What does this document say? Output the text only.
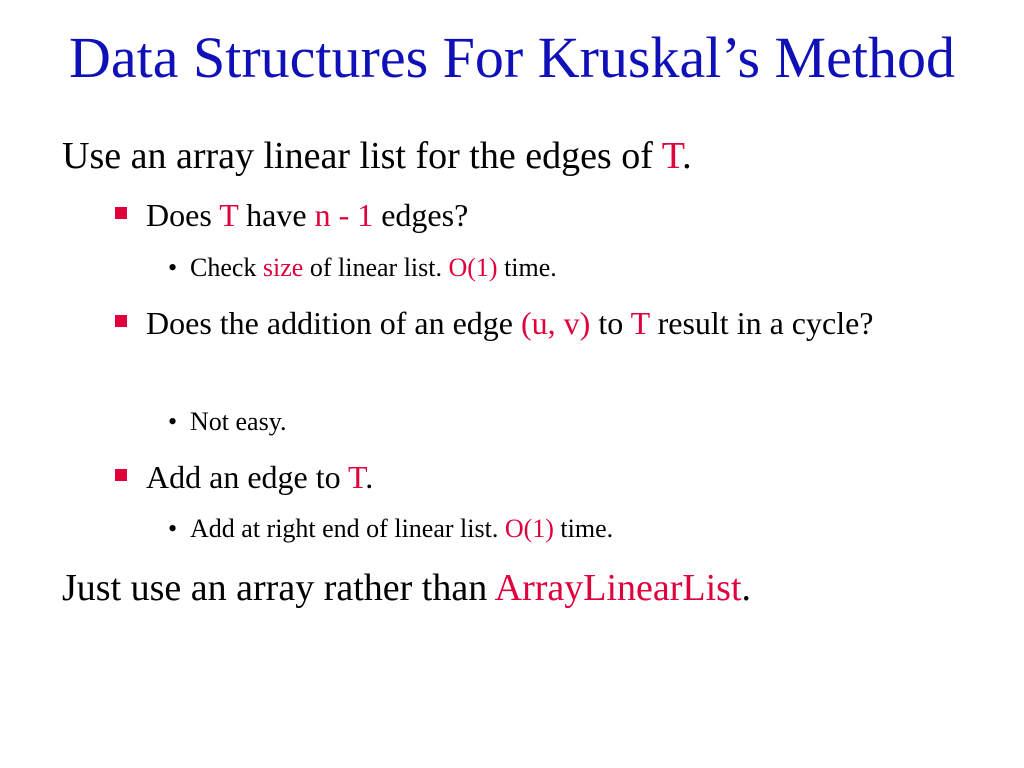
Data Structures For Kruskal’s Method
Use an array linear list for the edges of T.
Does T have n - 1 edges?
• Check size of linear list. O(1) time.
Does the addition of an edge (u, v) to T result in a cycle?
• Not easy.
Add an edge to T.
• Add at right end of linear list. O(1) time.
Just use an array rather than ArrayLinearList.
